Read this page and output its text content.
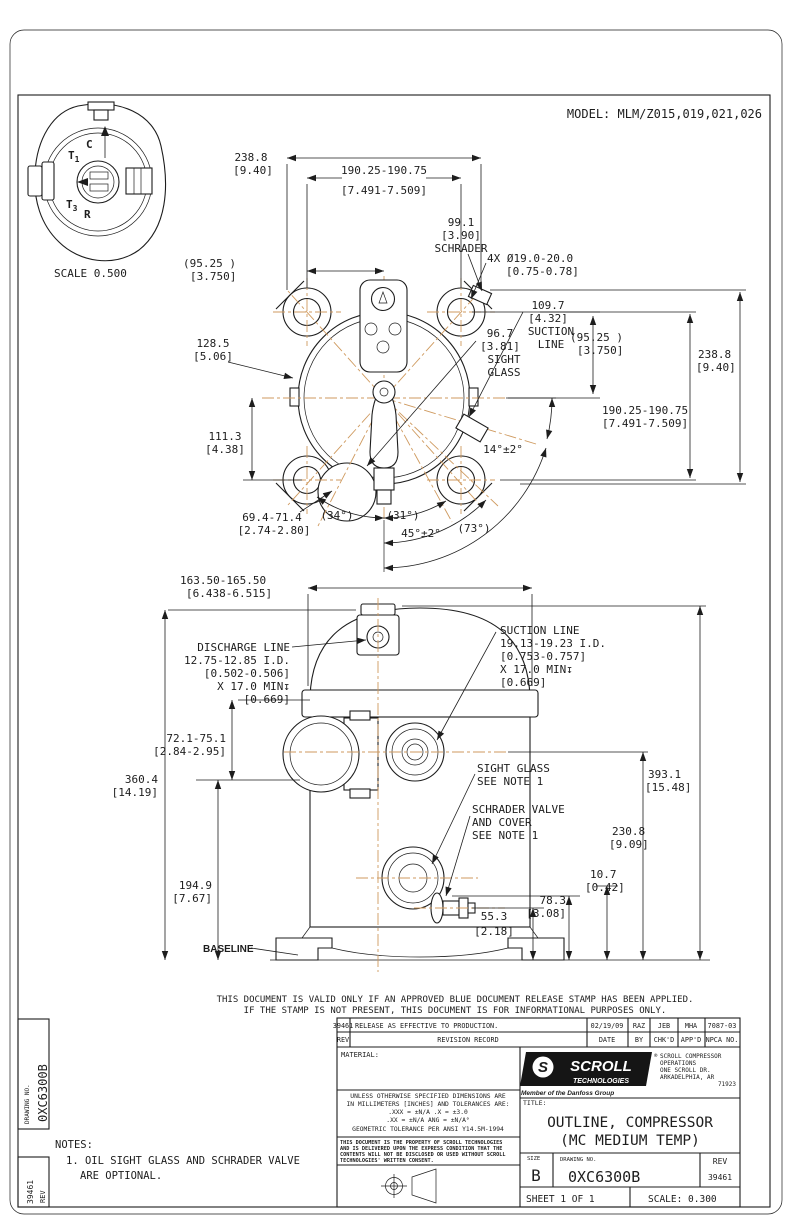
MODEL: MLM/Z015,019,021,026
$T_1$
C
$T_3$ R
SCALE 0.500
238.8
[9.40]	190.25-190.75
[7.491-7.509]
(95.25 )
[3.750]
99.1
[3.90]
SCHRADER
4X Ø19.0-20.0
[0.75-0.78]
109.7
[4.32]
SUCTION
LINE
96.7
[3.81]
SIGHT
GLASS
(95.25 )
[3.750]	238.8
[9.40]
190.25-190.75
[7.491-7.509]
128.5
[5.06]
111.3
[4.38]
69.4-71.4
[2.74-2.80]
(34°)	(31°)
45°±2° (73°)
14°±2°
163.50-165.50
[6.438-6.515]
DISCHARGE LINE
12.75-12.85 I.D.
[0.502-0.506]
X 17.0 MIN↧
[0.669]
SUCTION LINE
19.13-19.23 I.D.
[0.753-0.757]
X 17.0 MIN↧
[0.669]
SIGHT GLASS
SEE NOTE 1
SCHRADER VALVE
AND COVER
SEE NOTE 1
360.4
[14.19]
72.1-75.1
[2.84-2.95]
194.9
[7.67]
393.1
[15.48]
230.8
[9.09]
10.7
[0.42]
78.3
[3.08]
55.3
[2.18]
BASELINE
THIS DOCUMENT IS VALID ONLY IF AN APPROVED BLUE DOCUMENT RELEASE STAMP HAS BEEN APPLIED.
IF THE STAMP IS NOT PRESENT, THIS DOCUMENT IS FOR INFORMATIONAL PURPOSES ONLY.
NOTES:
1. OIL SIGHT GLASS AND SCHRADER VALVE
ARE OPTIONAL.
DRAWING NO. 0XC6300B
REV
39461
39461 RELEASE AS EFFECTIVE TO PRODUCTION.	02/19/09 RAZ JEB MHA 7087-03
REV	REVISION RECORD	DATE	BY CHK'D APP'D NPCA NO.
MATERIAL:
UNLESS OTHERWISE SPECIFIED DIMENSIONS ARE
IN MILLIMETERS [INCHES] AND TOLERANCES ARE:
.XXX = ±N/A .X = ±3.0
.XX = ±N/A ANG = ±N/A°
GEOMETRIC TOLERANCE PER ANSI Y14.5M-1994
THIS DOCUMENT IS THE PROPERTY OF SCROLL TECHNOLOGIES
AND IS DELIVERED UPON THE EXPRESS CONDITION THAT THE
CONTENTS WILL NOT BE DISCLOSED OR USED WITHOUT SCROLL
TECHNOLOGIES' WRITTEN CONSENT.
S SCROLL
TECHNOLOGIES
Member of the Danfoss Group
® SCROLL COMPRESSOR
OPERATIONS
ONE SCROLL DR.
ARKADELPHIA, AR
71923
TITLE:
OUTLINE, COMPRESSOR
(MC MEDIUM TEMP)
SIZE
B
DRAWING NO.
0XC6300B
REV
39461
SHEET 1 OF 1	SCALE: 0.300
